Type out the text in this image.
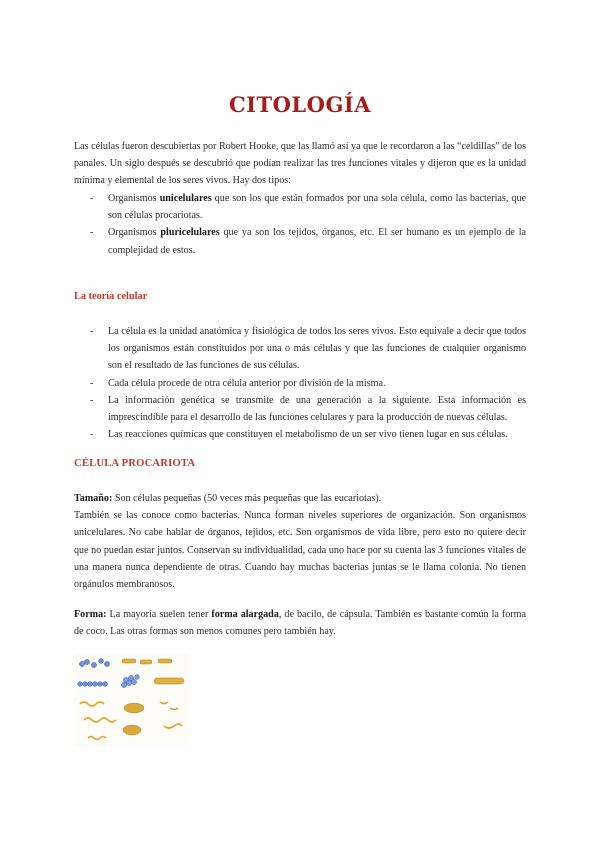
CITOLOGÍA
Las células fueron descubiertas por Robert Hooke, que las llamó así ya que le recordaron a las “celdillas” de los panales. Un siglo después se descubrió que podían realizar las tres funciones vitales y dijeron que es la unidad mínima y elemental de los seres vivos. Hay dos tipos:
- Organismos unicelulares que son los que están formados por una sola célula, como las bacterias, que son células procariotas.
- Organismos pluricelulares que ya son los tejidos, órganos, etc. El ser humano es un ejemplo de la complejidad de estos.
La teoría celular
- La célula es la unidad anatómica y fisiológica de todos los seres vivos. Esto equivale a decir que todos los organismos están constituidos por una o más células y que las funciones de cualquier organismo son el resultado de las funciones de sus células.
- Cada célula procede de otra célula anterior por división de la misma.
- La información genética se transmite de una generación a la siguiente. Esta información es imprescindible para el desarrollo de las funciones celulares y para la producción de nuevas células.
- Las reacciones químicas que constituyen el metabolismo de un ser vivo tienen lugar en sus células.
CÉLULA PROCARIOTA
Tamaño: Son células pequeñas (50 veces más pequeñas que las eucariotas).
También se las conoce como bacterias. Nunca forman niveles superiores de organización. Son organismos unicelulares. No cabe hablar de órganos, tejidos, etc. Son organismos de vida libre, pero esto no quiere decir que no puedan estar juntos. Conservan su individualidad, cada uno hace por su cuenta las 3 funciones vitales de una manera nunca dependiente de otras. Cuando hay muchas bacterias juntas se le llama colonia. No tienen orgánulos membranosos.
Forma: La mayoría suelen tener forma alargada, de bacilo, de cápsula. También es bastante común la forma de coco. Las otras formas son menos comunes pero también hay.
